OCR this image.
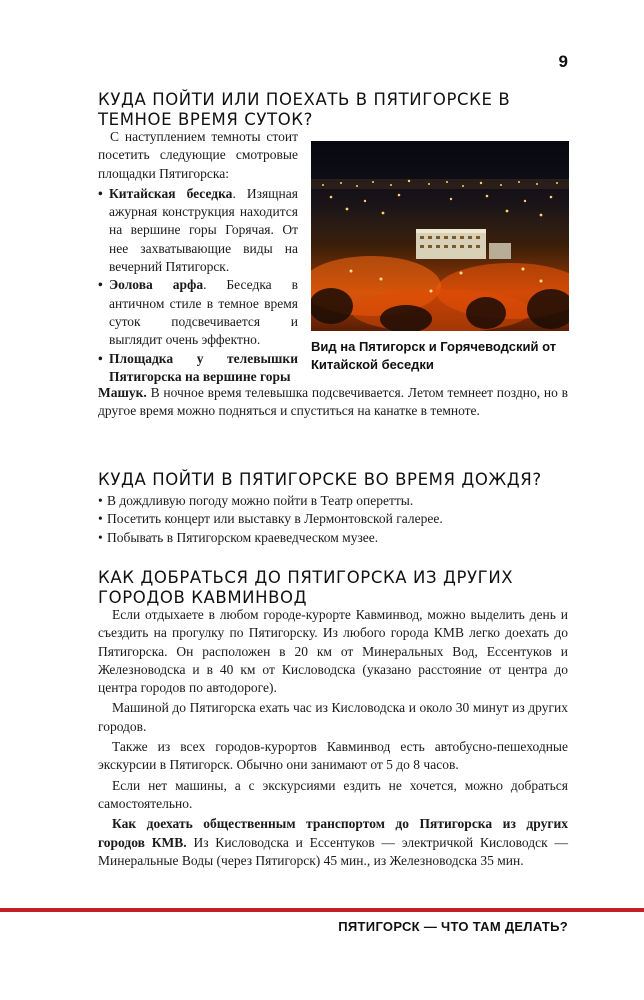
9
КУДА ПОЙТИ ИЛИ ПОЕХАТЬ В ПЯТИГОРСКЕ В ТЕМНОЕ ВРЕМЯ СУТОК?

С наступлением темноты стоит посетить следующие смотровые площадки Пятигорска:

• Китайская беседка. Изящная ажурная конструкция находится на вершине горы Горячая. От нее захватывающие виды на вечерний Пятигорск.
• Эолова арфа. Беседка в античном стиле в темное время суток подсвечивается и выглядит очень эффектно.
• Площадка у телевышки Пятигорска на вершине горы
Вид на Пятигорск и Горячеводский от Китайской беседки

Машук. В ночное время телевышка подсвечивается. Летом темнеет поздно, но в другое время можно подняться и спуститься на канатке в темноте.

КУДА ПОЙТИ В ПЯТИГОРСКЕ ВО ВРЕМЯ ДОЖДЯ?
• В дождливую погоду можно пойти в Театр оперетты.
• Посетить концерт или выставку в Лермонтовской галерее.
• Побывать в Пятигорском краеведческом музее.
КАК ДОБРАТЬСЯ ДО ПЯТИГОРСКА ИЗ ДРУГИХ ГОРОДОВ КАВМИНВОД

Если отдыхаете в любом городе-курорте Кавминвод, можно выделить день и съездить на прогулку по Пятигорску. Из любого города КМВ легко доехать до Пятигорска. Он расположен в 20 км от Минеральных Вод, Ессентуков и Железноводска и в 40 км от Кисловодска (указано расстояние от центра до центра городов по автодороге).

Машиной до Пятигорска ехать час из Кисловодска и около 30 минут из других городов.

Также из всех городов-курортов Кавминвод есть автобусно-пешеходные экскурсии в Пятигорск. Обычно они занимают от 5 до 8 часов.

Если нет машины, а с экскурсиями ездить не хочется, можно добраться самостоятельно.

Как доехать общественным транспортом до Пятигорска из других городов КМВ. Из Кисловодска и Ессентуков — электричкой Кисловодск — Минеральные Воды (через Пятигорск) 45 мин., из Железноводска 35 мин.

ПЯТИГОРСК — ЧТО ТАМ ДЕЛАТЬ?
